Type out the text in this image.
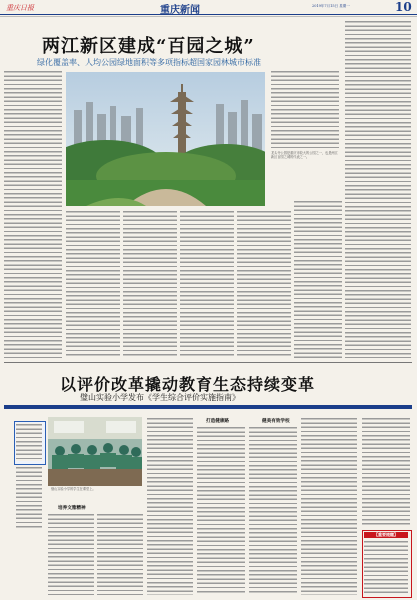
重庆日报	重庆新闻	2019年7月15日 星期一	10
两江新区建成“百园之城”
绿化覆盖率、人均公园绿地面积等多项指标超国家园林城市标准
龙头寺公园是重庆市较大的公园之一，也是两江新区百园之城的代表之一。
以评价改革撬动教育生态持续变革
璧山实验小学发布《学生综合评价实施指南》
璧山实验小学的学生在课堂上。
培养文雅精神
打造健康路	健美有效学校
【重要提醒】
